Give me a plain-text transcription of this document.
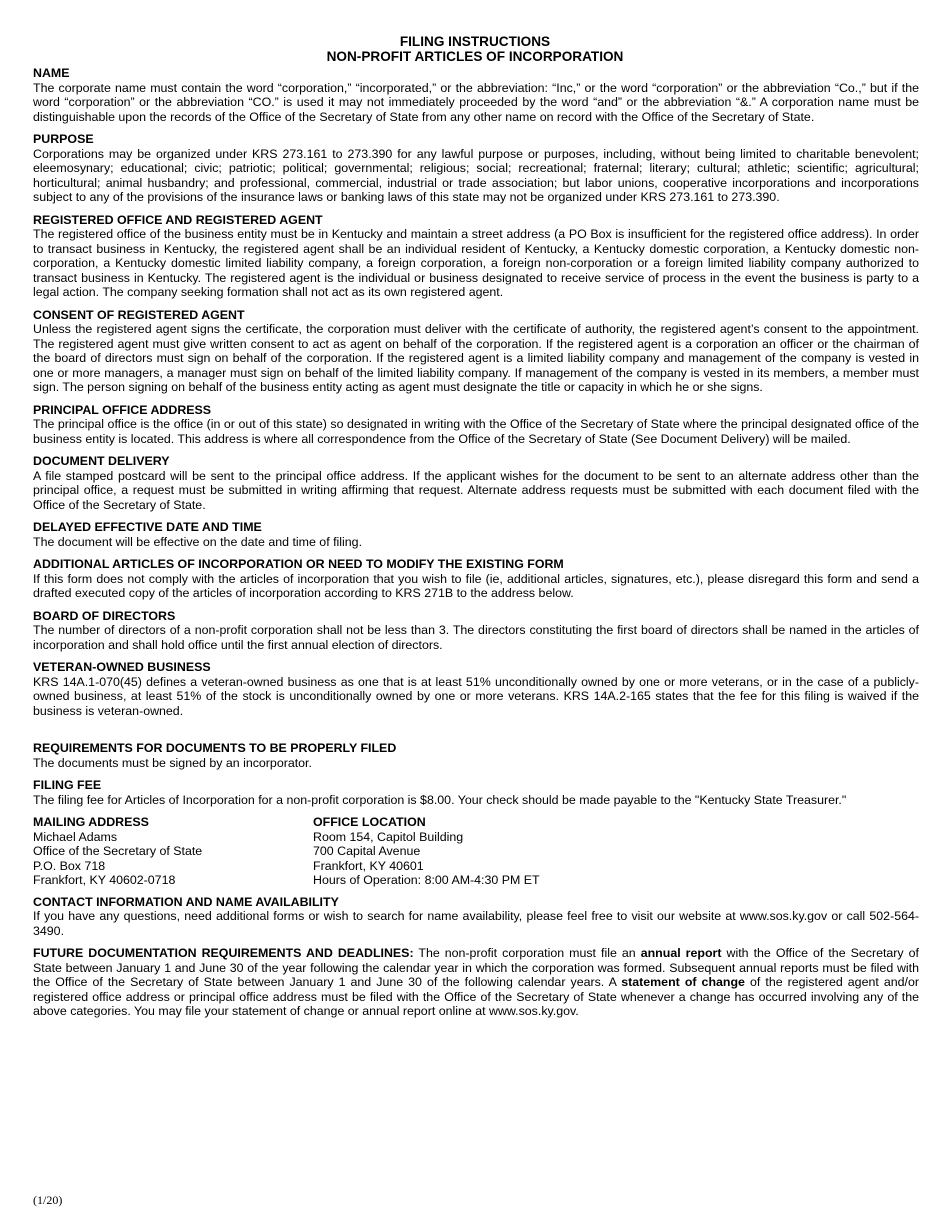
FILING INSTRUCTIONS
NON-PROFIT ARTICLES OF INCORPORATION
NAME
The corporate name must contain the word “corporation,” “incorporated,” or the abbreviation: “Inc,” or the word “corporation” or the abbreviation “Co.,” but if the word “corporation” or the abbreviation “CO.” is used it may not immediately proceeded by the word “and” or the abbreviation “&.” A corporation name must be distinguishable upon the records of the Office of the Secretary of State from any other name on record with the Office of the Secretary of State.
PURPOSE
Corporations may be organized under KRS 273.161 to 273.390 for any lawful purpose or purposes, including, without being limited to charitable benevolent; eleemosynary; educational; civic; patriotic; political; governmental; religious; social; recreational; fraternal; literary; cultural; athletic; scientific; agricultural; horticultural; animal husbandry; and professional, commercial, industrial or trade association; but labor unions, cooperative incorporations and incorporations subject to any of the provisions of the insurance laws or banking laws of this state may not be organized under KRS 273.161 to 273.390.
REGISTERED OFFICE AND REGISTERED AGENT
The registered office of the business entity must be in Kentucky and maintain a street address (a PO Box is insufficient for the registered office address). In order to transact business in Kentucky, the registered agent shall be an individual resident of Kentucky, a Kentucky domestic corporation, a Kentucky domestic non-corporation, a Kentucky domestic limited liability company, a foreign corporation, a foreign non-corporation or a foreign limited liability company authorized to transact business in Kentucky. The registered agent is the individual or business designated to receive service of process in the event the business is party to a legal action. The company seeking formation shall not act as its own registered agent.
CONSENT OF REGISTERED AGENT
Unless the registered agent signs the certificate, the corporation must deliver with the certificate of authority, the registered agent’s consent to the appointment. The registered agent must give written consent to act as agent on behalf of the corporation. If the registered agent is a corporation an officer or the chairman of the board of directors must sign on behalf of the corporation. If the registered agent is a limited liability company and management of the company is vested in one or more managers, a manager must sign on behalf of the limited liability company. If management of the company is vested in its members, a member must sign. The person signing on behalf of the business entity acting as agent must designate the title or capacity in which he or she signs.
PRINCIPAL OFFICE ADDRESS
The principal office is the office (in or out of this state) so designated in writing with the Office of the Secretary of State where the principal designated office of the business entity is located. This address is where all correspondence from the Office of the Secretary of State (See Document Delivery) will be mailed.
DOCUMENT DELIVERY
A file stamped postcard will be sent to the principal office address. If the applicant wishes for the document to be sent to an alternate address other than the principal office, a request must be submitted in writing affirming that request. Alternate address requests must be submitted with each document filed with the Office of the Secretary of State.
DELAYED EFFECTIVE DATE AND TIME
The document will be effective on the date and time of filing.
ADDITIONAL ARTICLES OF INCORPORATION OR NEED TO MODIFY THE EXISTING FORM
If this form does not comply with the articles of incorporation that you wish to file (ie, additional articles, signatures, etc.), please disregard this form and send a drafted executed copy of the articles of incorporation according to KRS 271B to the address below.
BOARD OF DIRECTORS
The number of directors of a non-profit corporation shall not be less than 3. The directors constituting the first board of directors shall be named in the articles of incorporation and shall hold office until the first annual election of directors.
VETERAN-OWNED BUSINESS
KRS 14A.1-070(45) defines a veteran-owned business as one that is at least 51% unconditionally owned by one or more veterans, or in the case of a publicly-owned business, at least 51% of the stock is unconditionally owned by one or more veterans. KRS 14A.2-165 states that the fee for this filing is waived if the business is veteran-owned.
REQUIREMENTS FOR DOCUMENTS TO BE PROPERLY FILED
The documents must be signed by an incorporator.
FILING FEE
The filing fee for Articles of Incorporation for a non-profit corporation is $8.00. Your check should be made payable to the "Kentucky State Treasurer."
MAILING ADDRESS
Michael Adams
Office of the Secretary of State
P.O. Box 718
Frankfort, KY 40602-0718
OFFICE LOCATION
Room 154, Capitol Building
700 Capital Avenue
Frankfort, KY 40601
Hours of Operation: 8:00 AM-4:30 PM ET
CONTACT INFORMATION AND NAME AVAILABILITY
If you have any questions, need additional forms or wish to search for name availability, please feel free to visit our website at www.sos.ky.gov or call 502-564-3490.
FUTURE DOCUMENTATION REQUIREMENTS AND DEADLINES: The non-profit corporation must file an annual report with the Office of the Secretary of State between January 1 and June 30 of the year following the calendar year in which the corporation was formed. Subsequent annual reports must be filed with the Office of the Secretary of State between January 1 and June 30 of the following calendar years. A statement of change of the registered agent and/or registered office address or principal office address must be filed with the Office of the Secretary of State whenever a change has occurred involving any of the above categories. You may file your statement of change or annual report online at www.sos.ky.gov.
(1/20)
